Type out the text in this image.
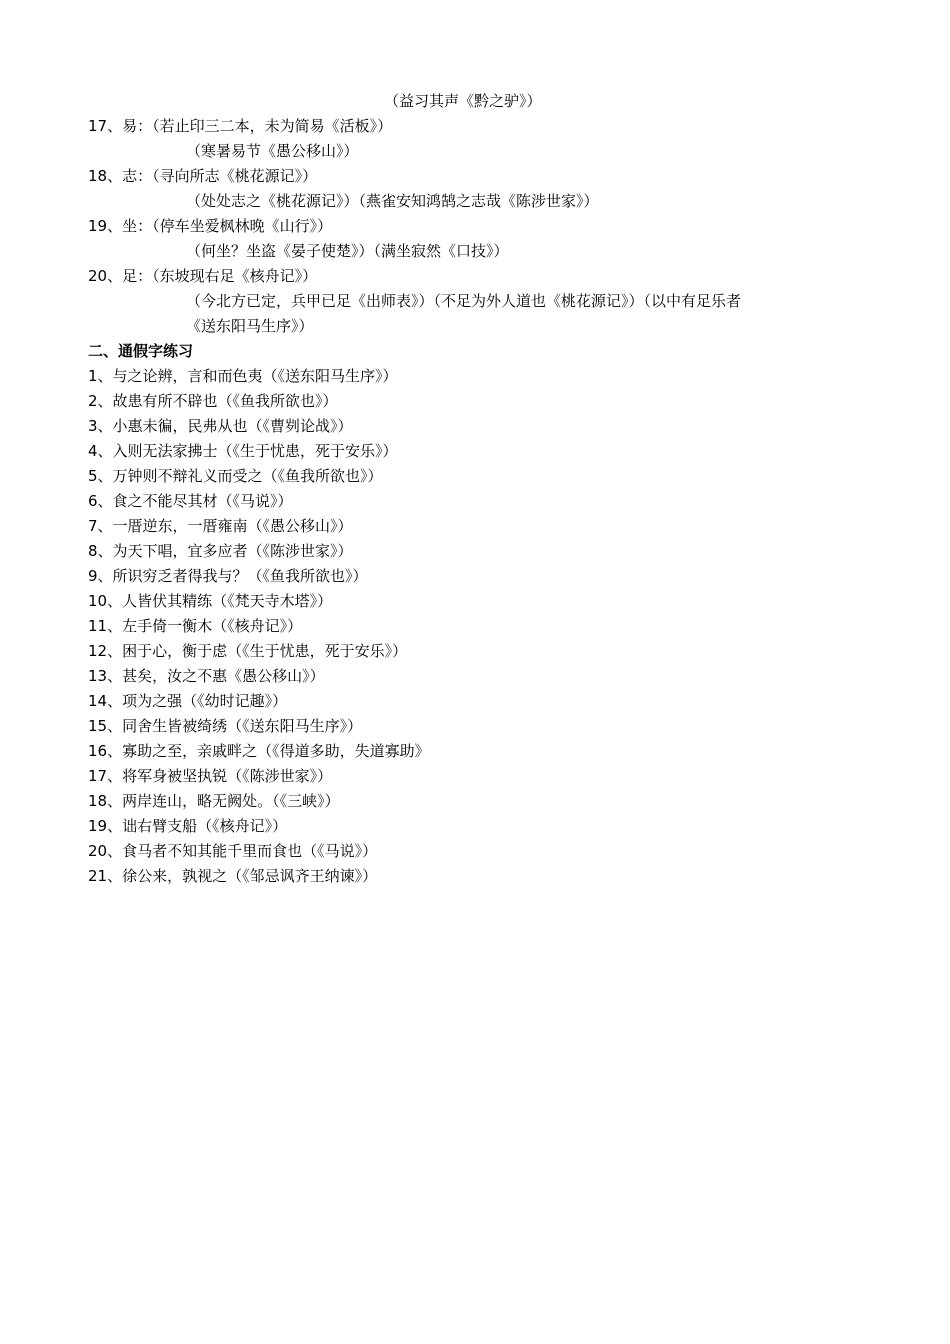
（益习其声《黔之驴》）
17、易：（若止印三二本，未为简易《活板》）
（寒暑易节《愚公移山》）
18、志：（寻向所志《桃花源记》）
（处处志之《桃花源记》）（燕雀安知鸿鹄之志哉《陈涉世家》）
19、坐：（停车坐爱枫林晚《山行》）
（何坐？坐盗《晏子使楚》）（满坐寂然《口技》）
20、足：（东坡现右足《核舟记》）
（今北方已定，兵甲已足《出师表》）（不足为外人道也《桃花源记》）（以中有足乐者
《送东阳马生序》）
二、通假字练习
1、与之论辨，言和而色夷（《送东阳马生序》）
2、故患有所不辟也（《鱼我所欲也》）
3、小惠未徧，民弗从也（《曹刿论战》）
4、入则无法家拂士（《生于忧患，死于安乐》）
5、万钟则不辩礼义而受之（《鱼我所欲也》）
6、食之不能尽其材（《马说》）
7、一厝逆东，一厝雍南（《愚公移山》）
8、为天下唱，宜多应者（《陈涉世家》）
9、所识穷乏者得我与？（《鱼我所欲也》）
10、人皆伏其精练（《梵天寺木塔》）
11、左手倚一衡木（《核舟记》）
12、困于心，衡于虑（《生于忧患，死于安乐》）
13、甚矣，汝之不惠《愚公移山》）
14、项为之强（《幼时记趣》）
15、同舍生皆被绮绣（《送东阳马生序》）
16、寡助之至，亲戚畔之（《得道多助，失道寡助》
17、将军身被坚执锐（《陈涉世家》）
18、两岸连山，略无阙处。（《三峡》）
19、诎右臂支船（《核舟记》）
20、食马者不知其能千里而食也（《马说》）
21、徐公来，孰视之（《邹忌讽齐王纳谏》）
